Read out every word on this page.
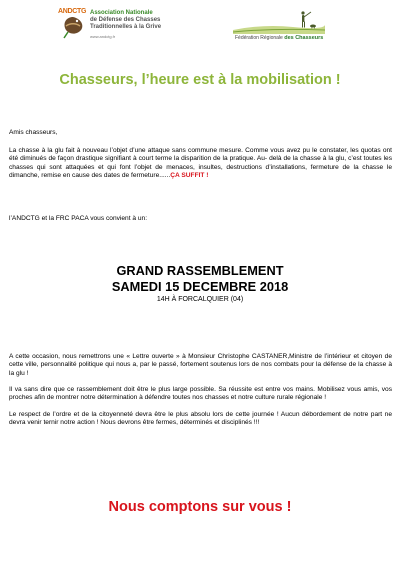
ANDCTG Association Nationale
de Défense des Chasses
Traditionnelles à la Grive
www.andctg.fr	Fédération Régionale des Chasseurs
Chasseurs, l’heure est à la mobilisation !
Amis chasseurs,
La chasse à la glu fait à nouveau l’objet d’une attaque sans commune mesure. Comme vous avez pu le constater, les quotas ont été diminués de façon drastique signifiant à court terme la disparition de la pratique. Au- delà de la chasse à la glu, c’est toutes les chasses qui sont attaquées et qui font l’objet de menaces, insultes, destructions d’installations, fermeture de la chasse le dimanche, remise en cause des dates de fermeture......ÇA SUFFIT !
l’ANDCTG et la FRC PACA vous convient à un:
GRAND RASSEMBLEMENT
SAMEDI 15 DECEMBRE 2018
14H À FORCALQUIER (04)
A cette occasion, nous remettrons une « Lettre ouverte » à Monsieur Christophe CASTANER,Ministre de l’intérieur et citoyen de cette ville, personnalité politique qui nous a, par le passé, fortement soutenus lors de nos combats pour la défense de la chasse à la glu !
Il va sans dire que ce rassemblement doit être le plus large possible. Sa réussite est entre vos mains. Mobilisez vous amis, vos proches afin de montrer notre détermination à défendre toutes nos chasses et notre culture rurale régionale !
Le respect de l’ordre et de la citoyenneté devra être le plus absolu lors de cette journée ! Aucun débordement de notre part ne devra venir ternir notre action ! Nous devrons être fermes, déterminés et disciplinés !!!
Nous comptons sur vous !
